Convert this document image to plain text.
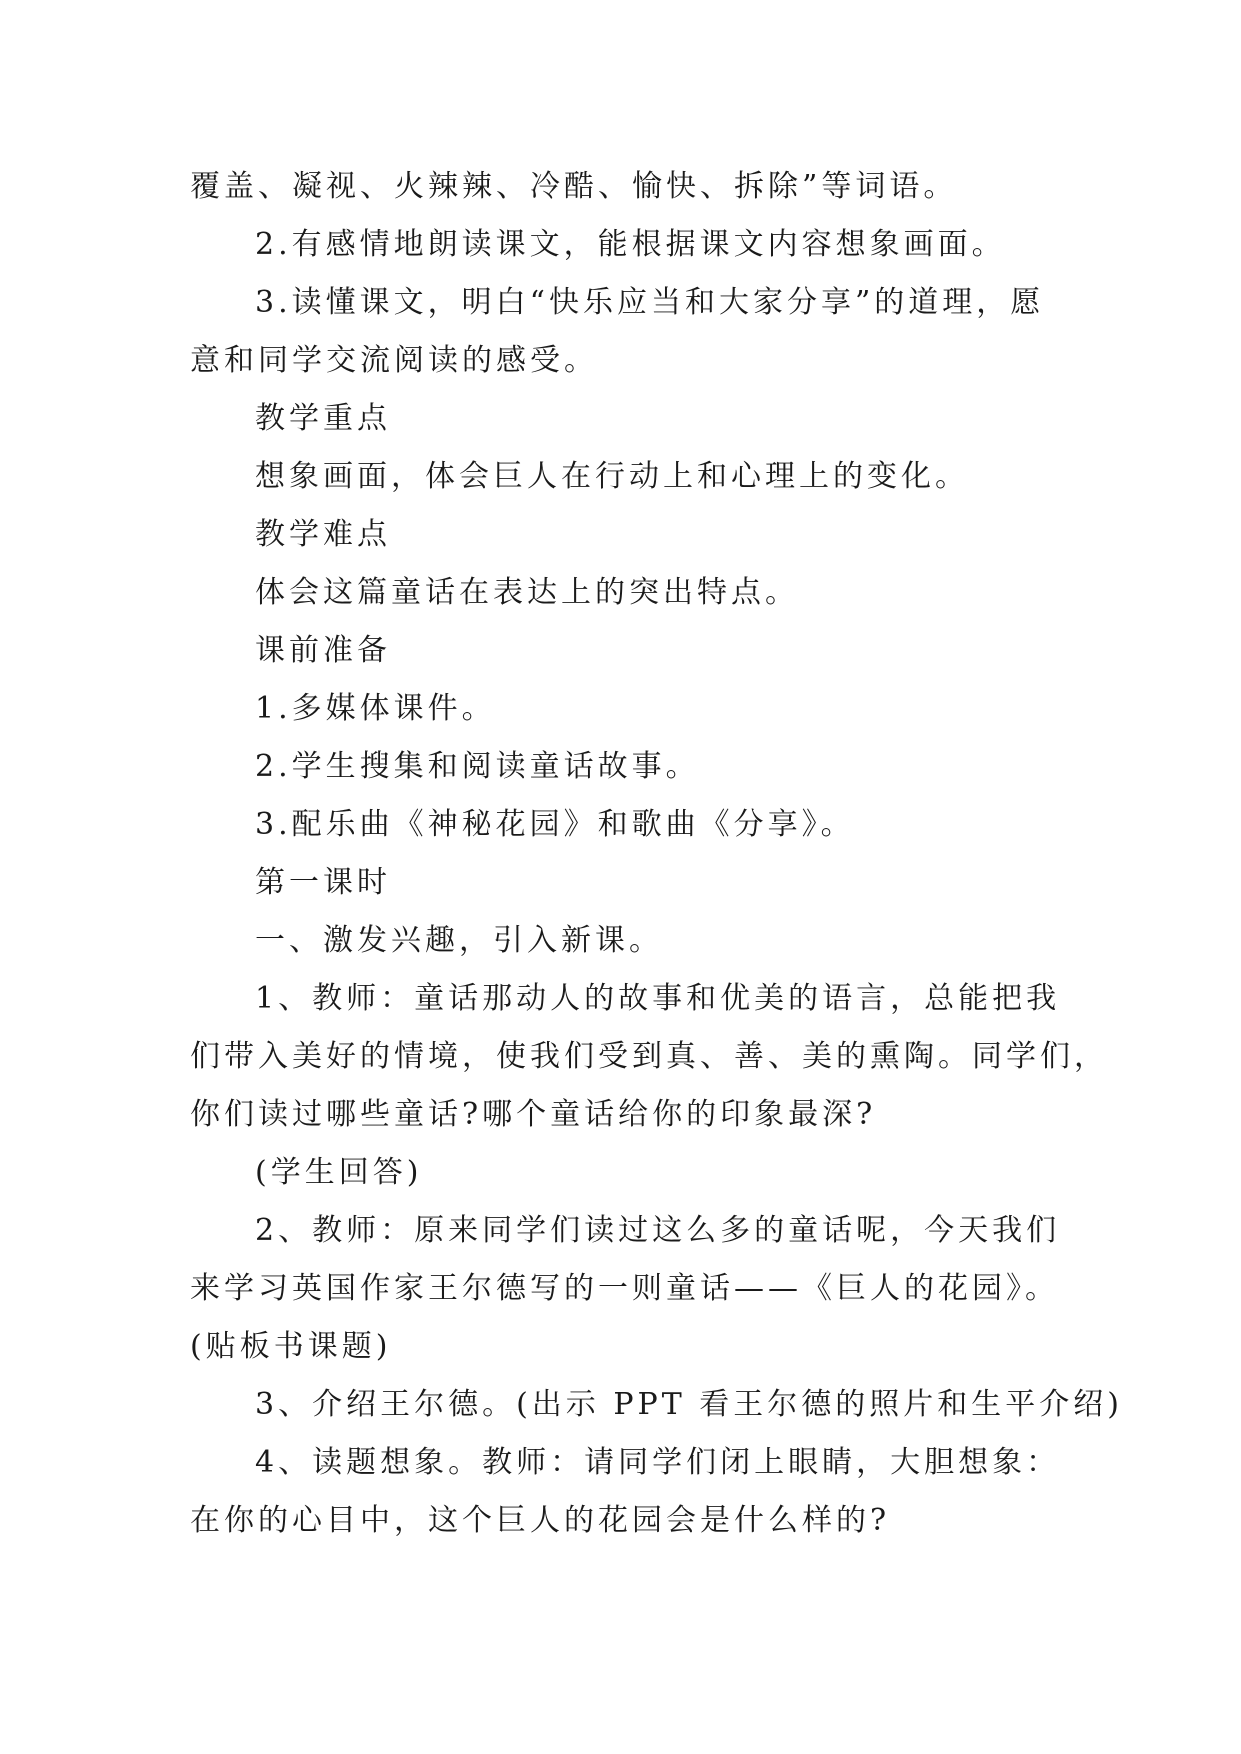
覆盖、凝视、火辣辣、冷酷、愉快、拆除”等词语。
2.有感情地朗读课文，能根据课文内容想象画面。
3.读懂课文，明白“快乐应当和大家分享”的道理，愿
意和同学交流阅读的感受。
教学重点
想象画面，体会巨人在行动上和心理上的变化。
教学难点
体会这篇童话在表达上的突出特点。
课前准备
1.多媒体课件。
2.学生搜集和阅读童话故事。
3.配乐曲《神秘花园》和歌曲《分享》。
第一课时
一、激发兴趣，引入新课。
1、教师：童话那动人的故事和优美的语言，总能把我
们带入美好的情境，使我们受到真、善、美的熏陶。同学们，
你们读过哪些童话?哪个童话给你的印象最深?
(学生回答)
2、教师：原来同学们读过这么多的童话呢，今天我们
来学习英国作家王尔德写的一则童话——《巨人的花园》。
(贴板书课题)
3、介绍王尔德。(出示 PPT 看王尔德的照片和生平介绍)
4、读题想象。教师：请同学们闭上眼睛，大胆想象：
在你的心目中，这个巨人的花园会是什么样的?
